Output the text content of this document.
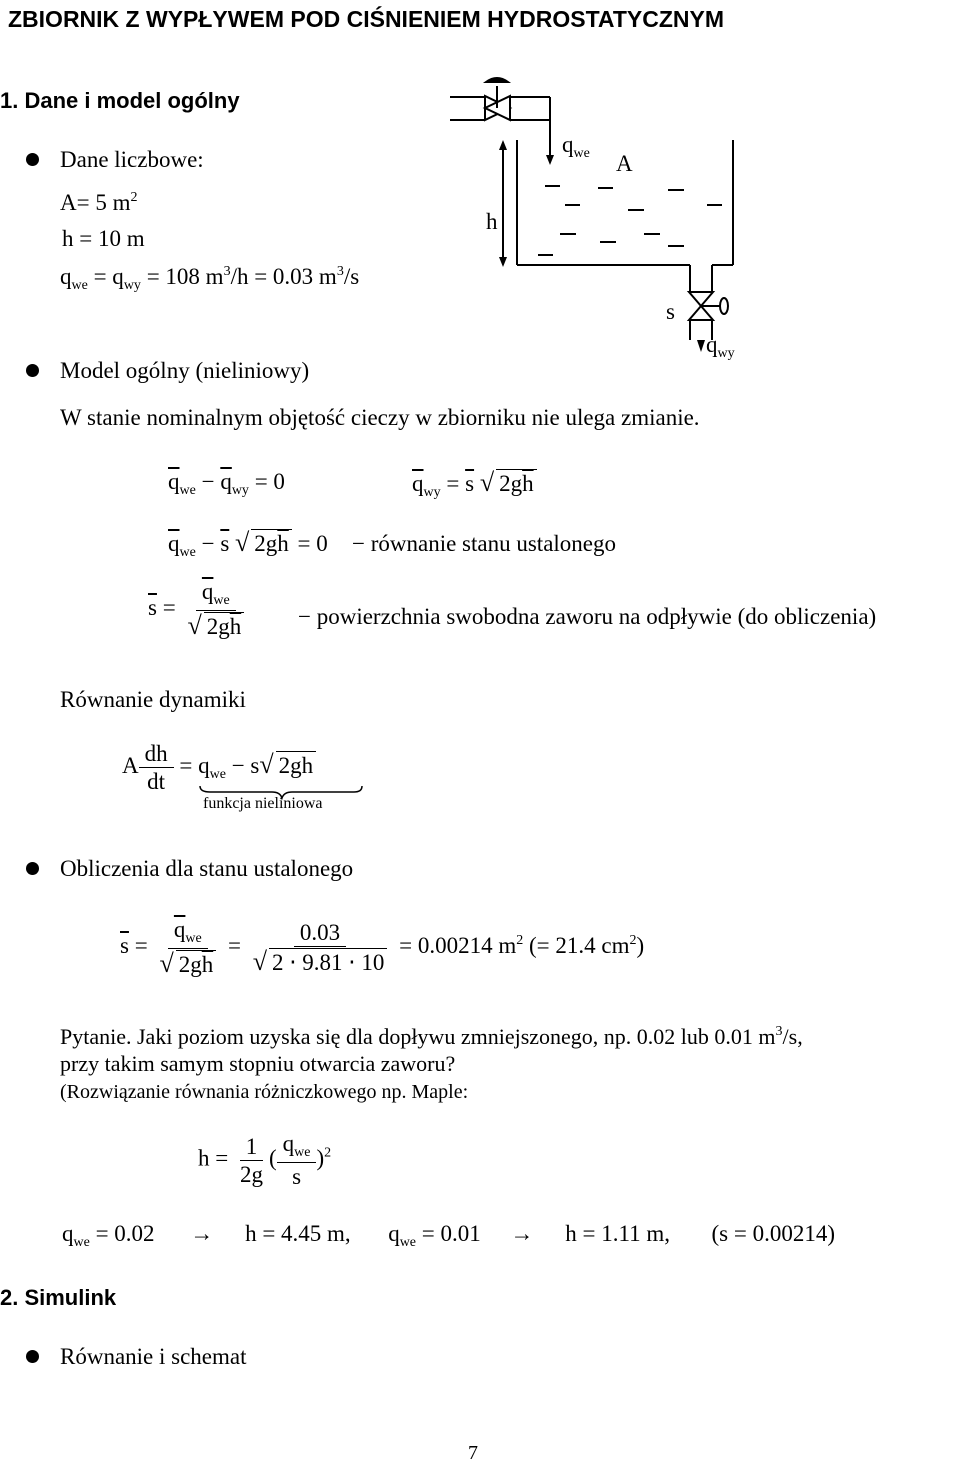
ZBIORNIK Z WYPŁYWEM POD CIŚNIENIEM HYDROSTATYCZNYM
1. Dane i model ogólny
Dane liczbowe:
A= 5 $m^2$
h = 10 m
$q_{we} = q_{wy} = 108$ $m^3/h = 0.03$ $m^3/s$
Model ogólny (nieliniowy)
W stanie nominalnym objętość cieczy w zbiorniku nie ulega zmianie.
$\overline{q}_{we} - \overline{q}_{wy} = 0$	$\overline{q}_{wy} = \overline{s}$ √ $2g\overline{h}$
$\overline{q}_{we} - \overline{s}$ √ $2g\overline{h} = 0$ − równanie stanu ustalonego
$\overline{s} = \overline{q}_{we}$
√ $2g\overline{h}$ − powierzchnia swobodna zaworu na odpływie (do obliczenia)
Równanie dynamiki
A $\frac{dh}{dt} = q_{we} - s$ √ 2gh
funkcja nieliniowa
Obliczenia dla stanu ustalonego
$\overline{s} = \overline{q}_{we}$
√ $2g\overline{h} = 0.03$
√ 2 ⋅ 9.81 ⋅ 10 = 0.00214 $m^2$ (= 21.4 $cm^2$)
Pytanie. Jaki poziom uzyska się dla dopływu zmniejszonego, np. 0.02 lub 0.01 $m^3/s$,
przy takim samym stopniu otwarcia zaworu?
(Rozwiązanie równania różniczkowego np. Maple:
$h = \frac{1}{2g}$ ( $\frac{q_{we}}{s} )^2$
$q_{we} = 0.02 \to h = 4.45$ m,  $q_{we} = 0.01 \to h = 1.11$ m, (s = 0.00214)
2. Simulink
Równanie i schemat
7
$q_{we}$ A
h
s
$q_{wy}$
